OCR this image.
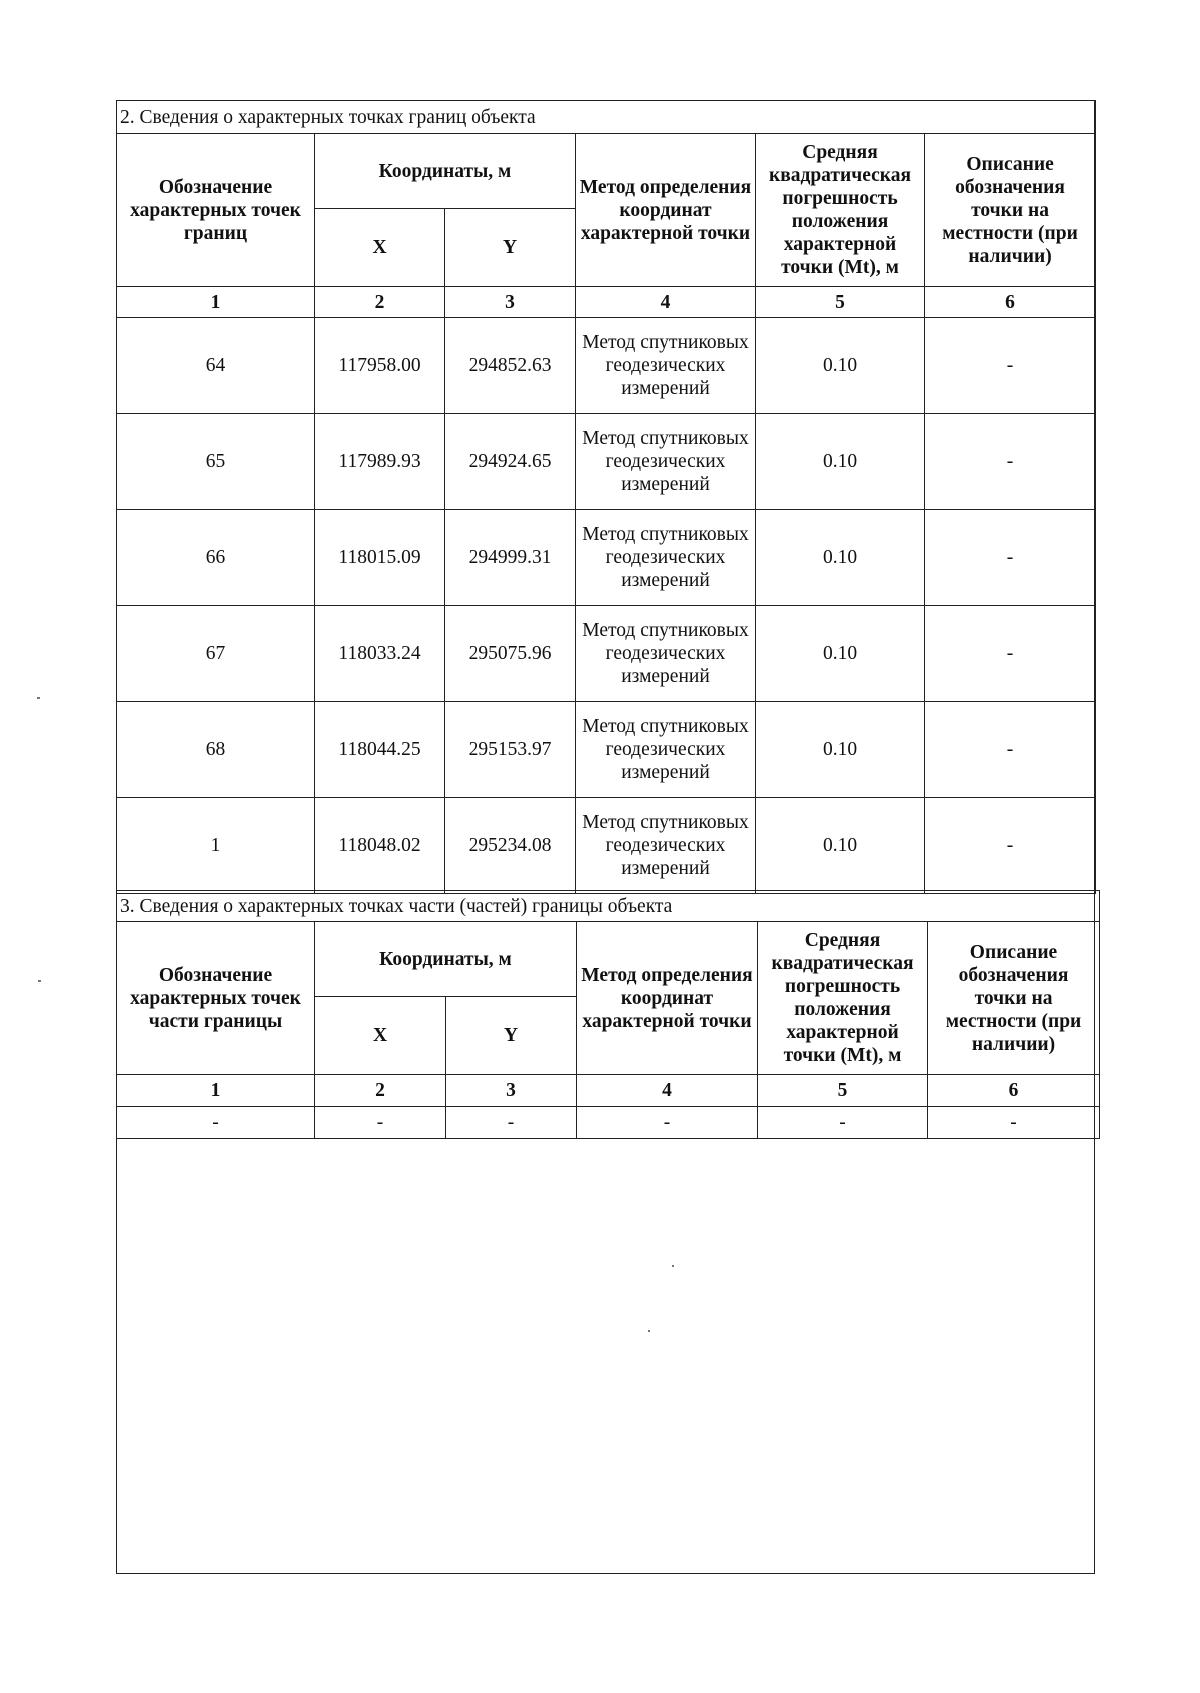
2. Сведения о характерных точках границ объекта					
Обозначение характерных точек границ	Координаты, м		Метод определения координат характерной точки	Средняя квадратическая погрешность положения характерной точки (Mt), м	Описание обозначения точки на местности (при наличии)
	X	Y			
1	2	3	4	5	6
64	117958.00	294852.63	Метод спутниковых геодезических измерений	0.10	-
65	117989.93	294924.65	Метод спутниковых геодезических измерений	0.10	-
66	118015.09	294999.31	Метод спутниковых геодезических измерений	0.10	-
67	118033.24	295075.96	Метод спутниковых геодезических измерений	0.10	-
68	118044.25	295153.97	Метод спутниковых геодезических измерений	0.10	-
1	118048.02	295234.08	Метод спутниковых геодезических измерений	0.10	-
3. Сведения о характерных точках части (частей) границы объекта					
Обозначение характерных точек части границы	Координаты, м		Метод определения координат характерной точки	Средняя квадратическая погрешность положения характерной точки (Mt), м	Описание обозначения точки на местности (при наличии)
	X	Y			
1	2	3	4	5	6
-	-	-	-	-	-
